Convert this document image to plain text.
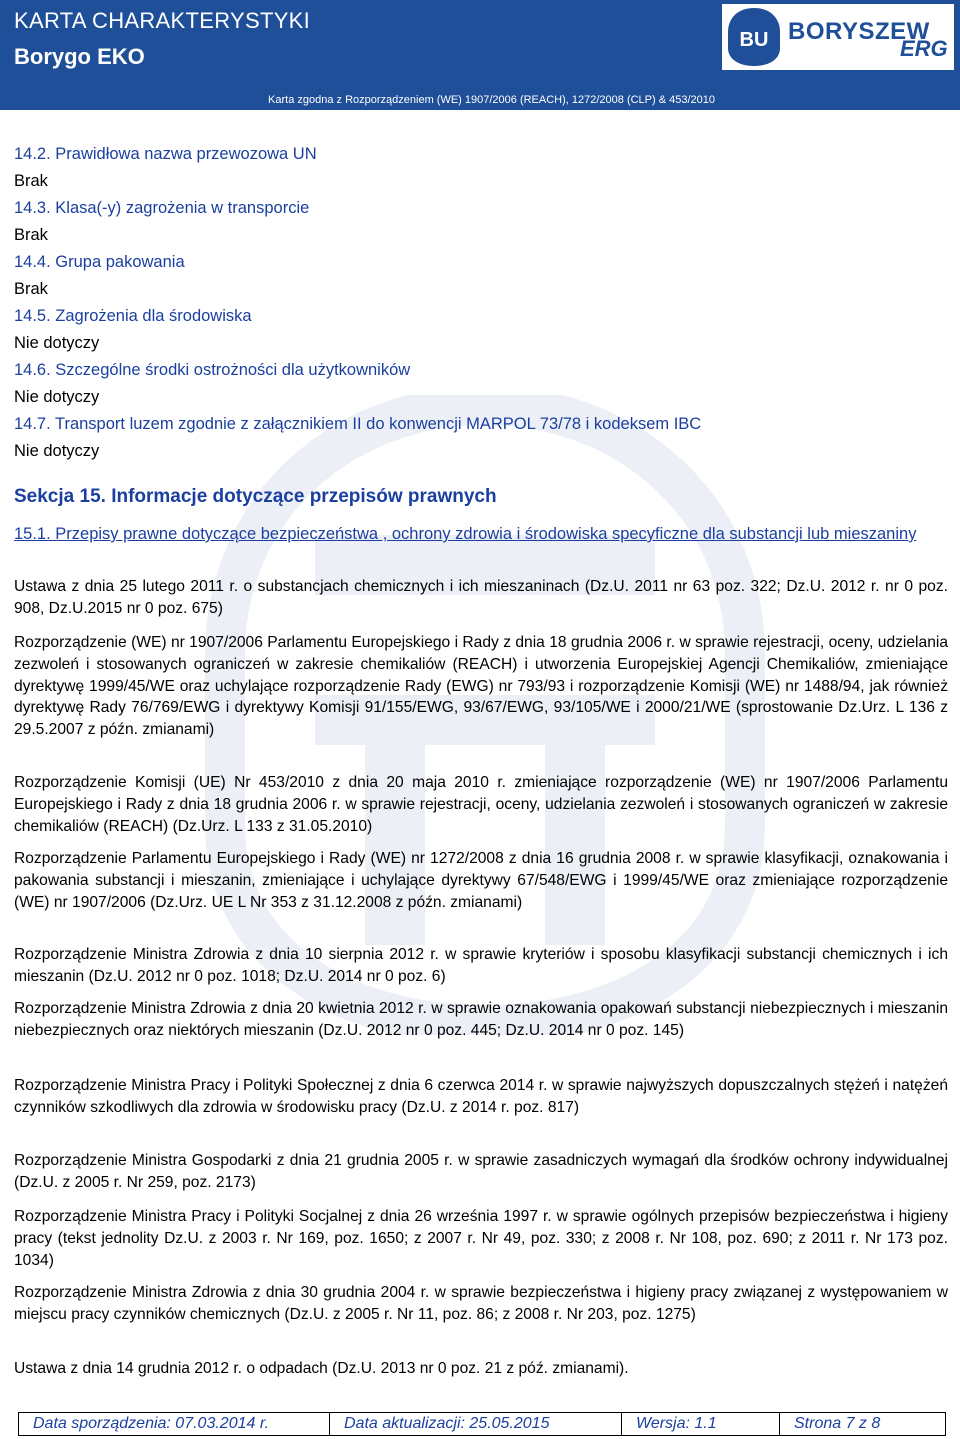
KARTA CHARAKTERYSTYKI
Borygo EKO
Karta zgodna z Rozporządzeniem (WE) 1907/2006 (REACH), 1272/2008 (CLP) & 453/2010
BU BORYSZEW
ERG
14.2. Prawidłowa nazwa przewozowa UN
Brak
14.3. Klasa(-y) zagrożenia w transporcie
Brak
14.4. Grupa pakowania
Brak
14.5. Zagrożenia dla środowiska
Nie dotyczy
14.6. Szczególne środki ostrożności dla użytkowników
Nie dotyczy
14.7. Transport luzem zgodnie z załącznikiem II do konwencji MARPOL 73/78 i kodeksem IBC
Nie dotyczy
Sekcja 15. Informacje dotyczące przepisów prawnych
15.1. Przepisy prawne dotyczące bezpieczeństwa , ochrony zdrowia i środowiska specyficzne dla substancji lub mieszaniny
Ustawa z dnia 25 lutego 2011 r. o substancjach chemicznych i ich mieszaninach (Dz.U. 2011 nr 63 poz. 322; Dz.U. 2012 r. nr 0 poz. 908, Dz.U.2015 nr 0 poz. 675)
Rozporządzenie (WE) nr 1907/2006 Parlamentu Europejskiego i Rady z dnia 18 grudnia 2006 r. w sprawie rejestracji, oceny, udzielania zezwoleń i stosowanych ograniczeń w zakresie chemikaliów (REACH) i utworzenia Europejskiej Agencji Chemikaliów, zmieniające dyrektywę 1999/45/WE oraz uchylające rozporządzenie Rady (EWG) nr 793/93 i rozporządzenie Komisji (WE) nr 1488/94, jak również dyrektywę Rady 76/769/EWG i dyrektywy Komisji 91/155/EWG, 93/67/EWG, 93/105/WE i 2000/21/WE (sprostowanie Dz.Urz. L 136 z 29.5.2007 z późn. zmianami)
Rozporządzenie Komisji (UE) Nr 453/2010 z dnia 20 maja 2010 r. zmieniające rozporządzenie (WE) nr 1907/2006 Parlamentu Europejskiego i Rady z dnia 18 grudnia 2006 r. w sprawie rejestracji, oceny, udzielania zezwoleń i stosowanych ograniczeń w zakresie chemikaliów (REACH) (Dz.Urz. L 133 z 31.05.2010)
Rozporządzenie Parlamentu Europejskiego i Rady (WE) nr 1272/2008 z dnia 16 grudnia 2008 r. w sprawie klasyfikacji, oznakowania i pakowania substancji i mieszanin, zmieniające i uchylające dyrektywy 67/548/EWG i 1999/45/WE oraz zmieniające rozporządzenie (WE) nr 1907/2006 (Dz.Urz. UE L Nr 353 z 31.12.2008 z późn. zmianami)
Rozporządzenie Ministra Zdrowia z dnia 10 sierpnia 2012 r. w sprawie kryteriów i sposobu klasyfikacji substancji chemicznych i ich mieszanin (Dz.U. 2012 nr 0 poz. 1018; Dz.U. 2014 nr 0 poz. 6)
Rozporządzenie Ministra Zdrowia z dnia 20 kwietnia 2012 r. w sprawie oznakowania opakowań substancji niebezpiecznych i mieszanin niebezpiecznych oraz niektórych mieszanin (Dz.U. 2012 nr 0 poz. 445; Dz.U. 2014 nr 0 poz. 145)
Rozporządzenie Ministra Pracy i Polityki Społecznej z dnia 6 czerwca 2014 r. w sprawie najwyższych dopuszczalnych stężeń i natężeń czynników szkodliwych dla zdrowia w środowisku pracy (Dz.U. z 2014 r. poz. 817)
Rozporządzenie Ministra Gospodarki z dnia 21 grudnia 2005 r. w sprawie zasadniczych wymagań dla środków ochrony indywidualnej (Dz.U. z 2005 r. Nr 259, poz. 2173)
Rozporządzenie Ministra Pracy i Polityki Socjalnej z dnia 26 września 1997 r. w sprawie ogólnych przepisów bezpieczeństwa i higieny pracy (tekst jednolity Dz.U. z 2003 r. Nr 169, poz. 1650; z 2007 r. Nr 49, poz. 330; z 2008 r. Nr 108, poz. 690; z 2011 r. Nr 173 poz. 1034)
Rozporządzenie Ministra Zdrowia z dnia 30 grudnia 2004 r. w sprawie bezpieczeństwa i higieny pracy związanej z występowaniem w miejscu pracy czynników chemicznych (Dz.U. z 2005 r. Nr 11, poz. 86; z 2008 r. Nr 203, poz. 1275)
Ustawa z dnia 14 grudnia 2012 r. o odpadach (Dz.U. 2013 nr 0 poz. 21 z póź. zmianami).
Data sporządzenia: 07.03.2014 r.	Data aktualizacji: 25.05.2015	Wersja: 1.1	Strona 7 z 8
